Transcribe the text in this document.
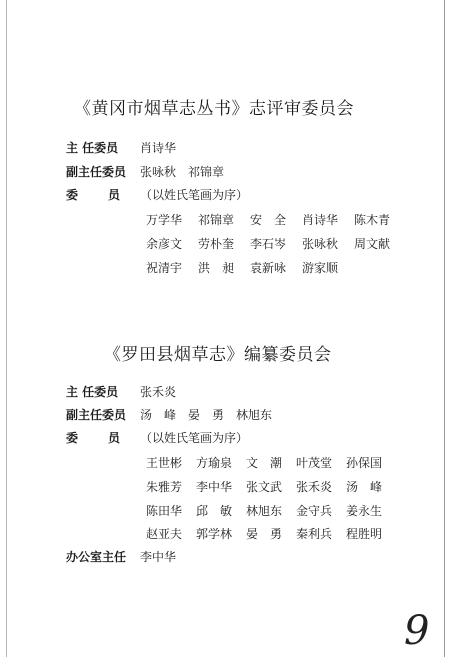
《黄冈市烟草志丛书》志评审委员会
主 任委员	肖诗华
副主任委员	张咏秋　祁锦章
委 员 （以姓氏笔画为序）
万学华 祁锦章 安　全 肖诗华 陈木青
余彦文 劳朴奎 李石岑 张咏秋 周文献
祝清宇 洪　昶 袁新咏 游家顺
《罗田县烟草志》编纂委员会
主 任委员	张禾炎
副主任委员	汤　峰　晏　勇　林旭东
委 员 （以姓氏笔画为序）
王世彬 方瑜泉 文　潮 叶茂堂 孙保国
朱雅芳 李中华 张文武 张禾炎 汤　峰
陈田华 邱　敏 林旭东 金守兵 姜永生
赵亚夫 郭学林 晏　勇 秦利兵 程胜明
办公室主任	李中华
9
